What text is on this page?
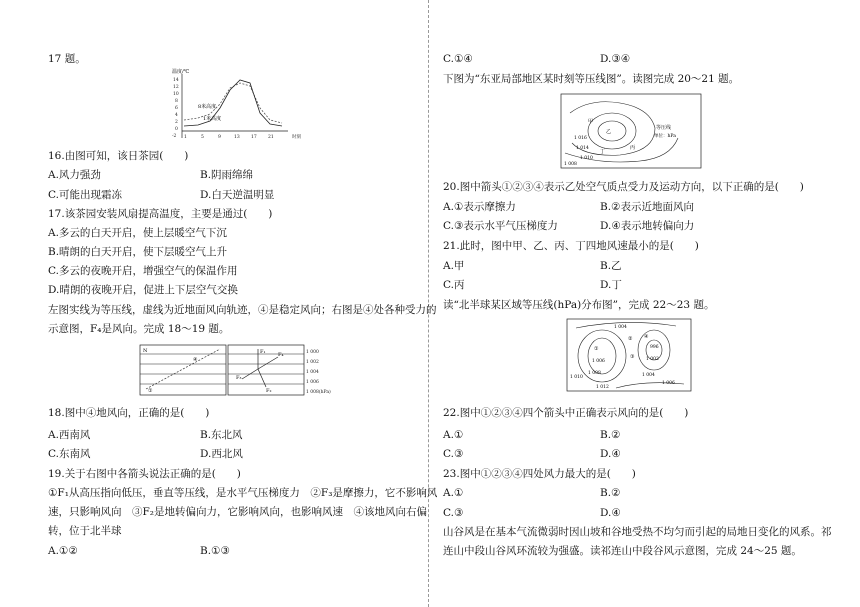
17 题。
温度/℃
14
12
10
8
6
4
2
0
-2 1	5	9	13	17	21	时刻
8米高度
1米高度
16.由图可知，该日茶园(　　)
A.风力强劲	B.阴雨绵绵
C.可能出现霜冻	D.白天逆温明显
17.该茶园安装风扇提高温度，主要是通过(　　)
A.多云的白天开启，使上层暖空气下沉
B.晴朗的白天开启，使下层暖空气上升
C.多云的夜晚开启，增强空气的保温作用
D.晴朗的夜晚开启，促进上下层空气交换
左图实线为等压线，虚线为近地面风向轨迹，④是稳定风向；右图是④处各种受力的
示意图，F₄是风向。完成 18～19 题。
N
④
①
F₁	F₄
F₃
F₂
1 000
1 002
1 004
1 006
1 008(hPa)
18.图中④地风向，正确的是(　　)
A.西南风	B.东北风
C.东南风	D.西北风
19.关于右图中各箭头说法正确的是(　　)
①F₁从高压指向低压，垂直等压线，是水平气压梯度力　②F₃是摩擦力，它不影响风
速，只影响风向　③F₂是地转偏向力，它影响风向，也影响风速　④该地风向右偏
转，位于北半球
A.①②	B.①③
C.①④	D.③④
下图为“东亚局部地区某时刻等压线图”。读图完成 20～21 题。
等压线
单位：hPa
1 016
1 014
1 010
1 008
甲
乙
丙
丁
20.图中箭头①②③④表示乙处空气质点受力及运动方向，以下正确的是(　　)
A.①表示摩擦力	B.②表示近地面风向
C.③表示水平气压梯度力	D.④表示地转偏向力
21.此时，图中甲、乙、丙、丁四地风速最小的是(　　)
A.甲	B.乙
C.丙	D.丁
读“北半球某区域等压线(hPa)分布图”，完成 22～23 题。
1 004
1 010
1 008
1 012
1 006	1 002
996
1 004
1 006
①
② ④
③
22.图中①②③④四个箭头中正确表示风向的是(　　)
A.①	B.②
C.③	D.④
23.图中①②③④四处风力最大的是(　　)
A.①	B.②
C.③	D.④
山谷风是在基本气流微弱时因山坡和谷地受热不均匀而引起的局地日变化的风系。祁
连山中段山谷风环流较为强盛。读祁连山中段谷风示意图，完成 24～25 题。
